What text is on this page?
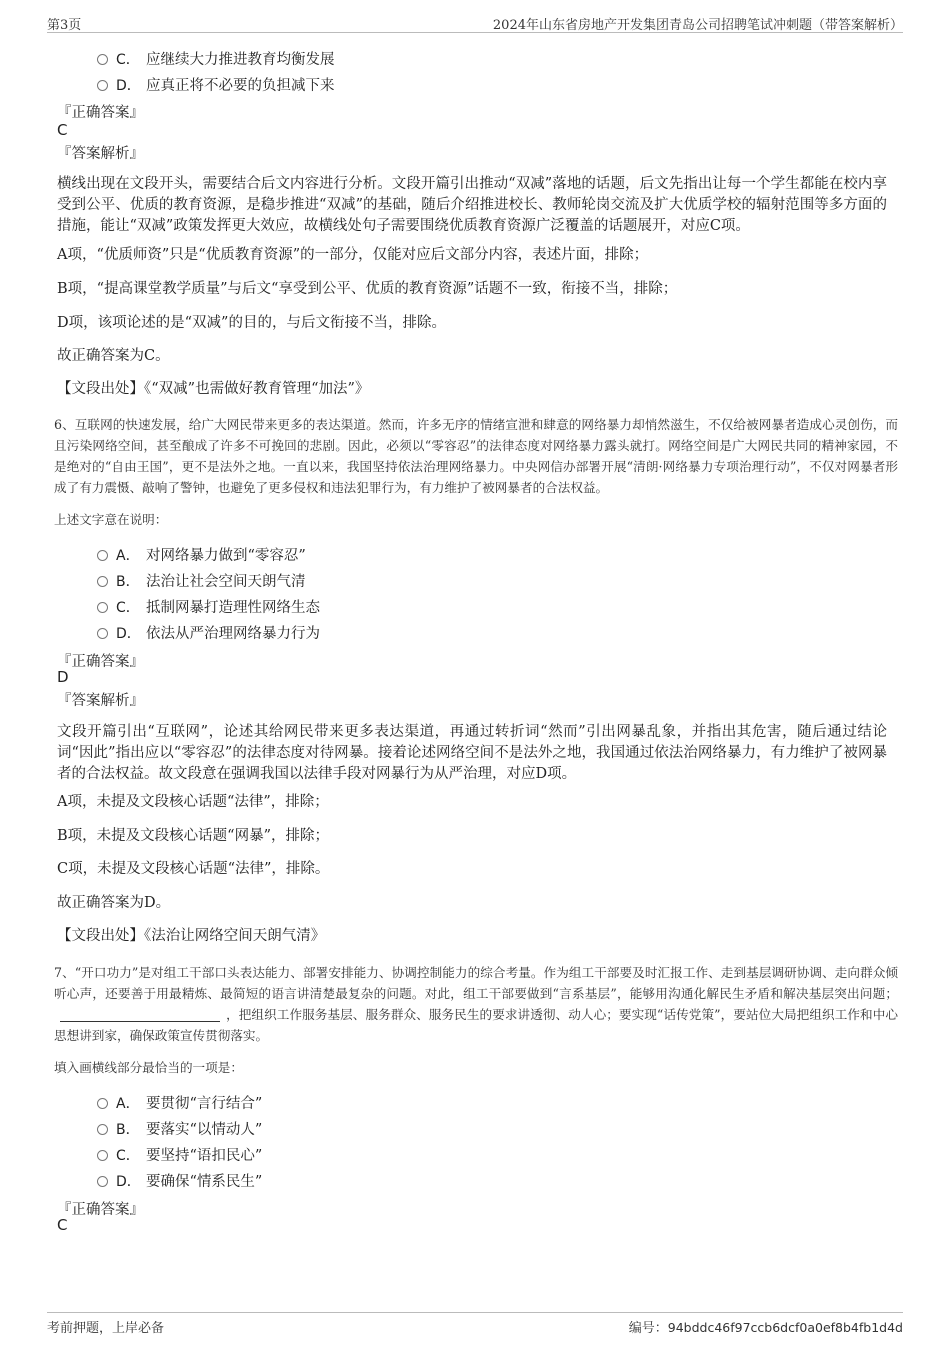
第3页	2024年山东省房地产开发集团青岛公司招聘笔试冲刺题（带答案解析）
C． 应继续大力推进教育均衡发展
D． 应真正将不必要的负担减下来
『正确答案』
C
『答案解析』

横线出现在文段开头，需要结合后文内容进行分析。文段开篇引出推动“双减”落地的话题，后文先指出让每一个学生都能在校内享受到公平、优质的教育资源，是稳步推进“双减”的基础，随后介绍推进校长、教师轮岗交流及扩大优质学校的辐射范围等多方面的措施，能让“双减”政策发挥更大效应，故横线处句子需要围绕优质教育资源广泛覆盖的话题展开，对应C项。

A项，“优质师资”只是“优质教育资源”的一部分，仅能对应后文部分内容，表述片面，排除；

B项，“提高课堂教学质量”与后文“享受到公平、优质的教育资源”话题不一致，衔接不当，排除；

D项，该项论述的是“双减”的目的，与后文衔接不当，排除。

故正确答案为C。

【文段出处】《“双减”也需做好教育管理“加法”》

6、互联网的快速发展，给广大网民带来更多的表达渠道。然而，许多无序的情绪宣泄和肆意的网络暴力却悄然滋生，不仅给被网暴者造成心灵创伤，而且污染网络空间，甚至酿成了许多不可挽回的悲剧。因此，必须以“零容忍”的法律态度对网络暴力露头就打。网络空间是广大网民共同的精神家园，不是绝对的“自由王国”，更不是法外之地。一直以来，我国坚持依法治理网络暴力。中央网信办部署开展“清朗·网络暴力专项治理行动”，不仅对网暴者形成了有力震慑、敲响了警钟，也避免了更多侵权和违法犯罪行为，有力维护了被网暴者的合法权益。

上述文字意在说明：

A． 对网络暴力做到“零容忍”
B． 法治让社会空间天朗气清
C． 抵制网暴打造理性网络生态
D． 依法从严治理网络暴力行为
『正确答案』
D
『答案解析』

文段开篇引出“互联网”，论述其给网民带来更多表达渠道，再通过转折词“然而”引出网暴乱象，并指出其危害，随后通过结论词“因此”指出应以“零容忍”的法律态度对待网暴。接着论述网络空间不是法外之地，我国通过依法治网络暴力，有力维护了被网暴者的合法权益。故文段意在强调我国以法律手段对网暴行为从严治理，对应D项。

A项，未提及文段核心话题“法律”，排除；

B项，未提及文段核心话题“网暴”，排除；

C项，未提及文段核心话题“法律”，排除。

故正确答案为D。

【文段出处】《法治让网络空间天朗气清》

7、“开口功力”是对组工干部口头表达能力、部署安排能力、协调控制能力的综合考量。作为组工干部要及时汇报工作、走到基层调研协调、走向群众倾听心声，还要善于用最精炼、最简短的语言讲清楚最复杂的问题。对此，组工干部要做到“言系基层”，能够用沟通化解民生矛盾和解决基层突出问题；，把组织工作服务基层、服务群众、服务民生的要求讲透彻、动人心；要实现“话传党策”，要站位大局把组织工作和中心思想讲到家，确保政策宣传贯彻落实。

填入画横线部分最恰当的一项是：

A． 要贯彻“言行结合”
B． 要落实“以情动人”
C． 要坚持“语扣民心”
D． 要确保“情系民生”
『正确答案』
C
考前押题，上岸必备	编号：94bddc46f97ccb6dcf0a0ef8b4fb1d4d
